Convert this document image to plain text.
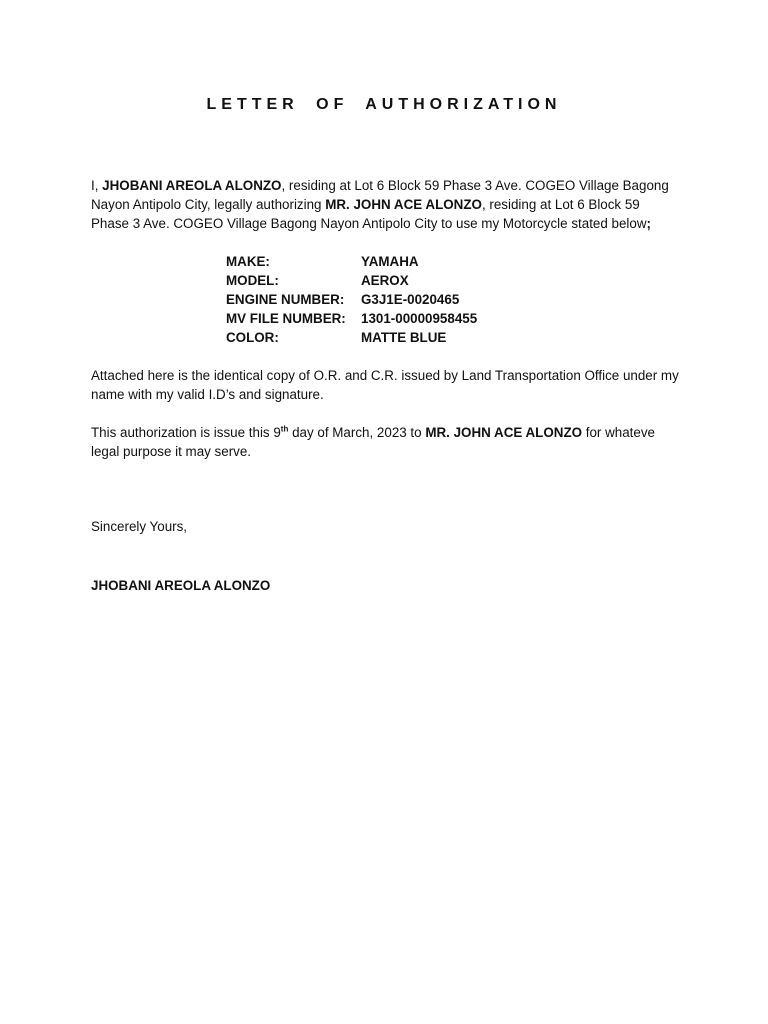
LETTER OF AUTHORIZATION
I, JHOBANI AREOLA ALONZO, residing at Lot 6 Block 59 Phase 3 Ave. COGEO Village Bagong Nayon Antipolo City, legally authorizing MR. JOHN ACE ALONZO, residing at Lot 6 Block 59 Phase 3 Ave. COGEO Village Bagong Nayon Antipolo City to use my Motorcycle stated below;
MAKE:	YAMAHA
MODEL:	AEROX
ENGINE NUMBER:	G3J1E-0020465
MV FILE NUMBER:	1301-00000958455
COLOR:	MATTE BLUE
Attached here is the identical copy of O.R. and C.R. issued by Land Transportation Office under my name with my valid I.D’s and signature.
This authorization is issue this 9th day of March, 2023 to MR. JOHN ACE ALONZO for whateve legal purpose it may serve.
Sincerely Yours,
JHOBANI AREOLA ALONZO
